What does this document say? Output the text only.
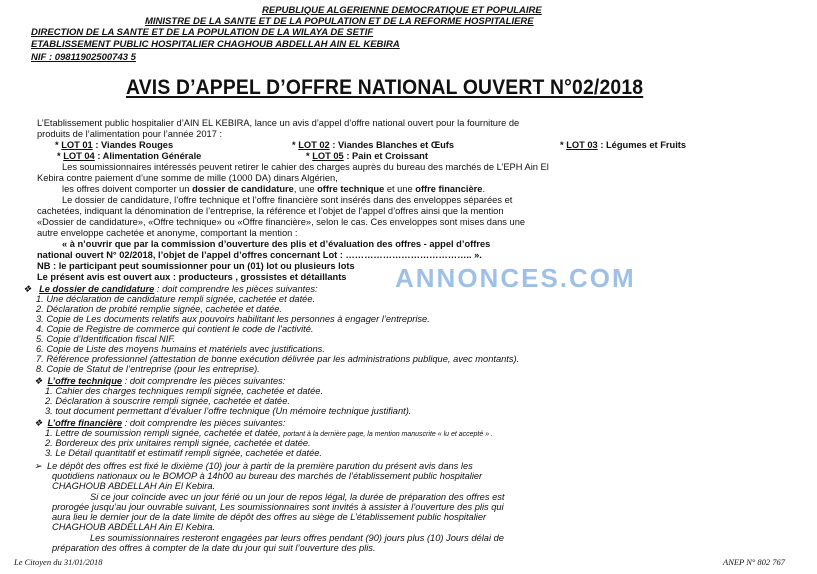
REPUBLIQUE ALGERIENNE DEMOCRATIQUE ET POPULAIRE
MINISTRE DE LA SANTE ET DE LA POPULATION ET DE LA REFORME HOSPITALIERE
DIRECTION DE LA SANTE ET DE LA POPULATION DE LA WILAYA DE SETIF
ETABLISSEMENT PUBLIC HOSPITALIER CHAGHOUB ABDELLAH AIN EL KEBIRA
NIF : 09811902500743 5
AVIS D’APPEL D’OFFRE NATIONAL OUVERT N°02/2018
L’Etablissement public hospitalier d’AIN EL KEBIRA, lance un avis d’appel d’offre national ouvert pour la fourniture de
produits de l’alimentation pour l’année 2017 :
* LOT 01 : Viandes Rouges	* LOT 02 : Viandes Blanches et Œufs	* LOT 03 : Légumes et Fruits
* LOT 04 : Alimentation Générale	* LOT 05 : Pain et Croissant
Les soumissionnaires intéressés peuvent retirer le cahier des charges auprès du bureau des marchés de L’EPH Ain El
Kebira contre paiement d’une somme de mille (1000 DA) dinars Algérien,
les offres doivent comporter un dossier de candidature, une offre technique et une offre financière.
Le dossier de candidature, l’offre technique et l’offre financière sont insérés dans des enveloppes séparées et
cachetées, indiquant la dénomination de l’entreprise, la référence et l’objet de l’appel d’offres ainsi que la mention
«Dossier de candidature», «Offre technique» ou «Offre financière», selon le cas. Ces enveloppes sont mises dans une
autre enveloppe cachetée et anonyme, comportant la mention :
« à n’ouvrir que par la commission d’ouverture des plis et d’évaluation des offres - appel d’offres
national ouvert N° 02/2018, l’objet de l’appel d’offres concernant Lot : ………………………………….. ».
NB : le participant peut soumissionner pour un (01) lot ou plusieurs lots
Le présent avis est ouvert aux : producteurs , grossistes et détaillants ANNONCES.COM
❖ Le dossier de candidature : doit comprendre les pièces suivantes:
1. Une déclaration de candidature rempli signée, cachetée et datée.
2. Déclaration de probité remplie signée, cachetée et datée.
3. Copie de Les documents relatifs aux pouvoirs habilitant les personnes à engager l’entreprise.
4. Copie de Registre de commerce qui contient le code de l’activité.
5. Copie d’Identification fiscal NIF.
6. Copie de Liste des moyens humains et matériels avec justifications.
7. Référence professionnel (attestation de bonne exécution délivrée par les administrations publique, avec montants).
8. Copie de Statut de l’entreprise (pour les entreprise).
❖ L’offre technique : doit comprendre les pièces suivantes:
1. Cahier des charges techniques rempli signée, cachetée et datée.
2. Déclaration à souscrire rempli signée, cachetée et datée.
3. tout document permettant d’évaluer l’offre technique (Un mémoire technique justifiant).
❖ L’offre financière : doit comprendre les pièces suivantes:
1. Lettre de soumission rempli signée, cachetée et datée, portant à la dernière page, la mention manuscrite « lu et accepté » .
2. Bordereux des prix unitaires rempli signée, cachetée et datée.
3. Le Détail quantitatif et estimatif rempli signée, cachetée et datée.
➢ Le dépôt des offres est fixé le dixième (10) jour à partir de la première parution du présent avis dans les
quotidiens nationaux ou le BOMOP à 14h00 au bureau des marchés de l’établissement public hospitalier
CHAGHOUB ABDELLAH Ain El Kebira.
Si ce jour coïncide avec un jour férié ou un jour de repos légal, la durée de préparation des offres est
prorogée jusqu’au jour ouvrable suivant, Les soumissionnaires sont invités à assister à l’ouverture des plis qui
aura lieu le dernier jour de la date limite de dépôt des offres au siège de L’établissement public hospitalier
CHAGHOUB ABDELLAH Ain El Kebira.
Les soumissionnaires resteront engagées par leurs offres pendant (90) jours plus (10) Jours délai de
préparation des offres à compter de la date du jour qui suit l’ouverture des plis.
Le Citoyen du 31/01/2018	ANEP N° 802 767
